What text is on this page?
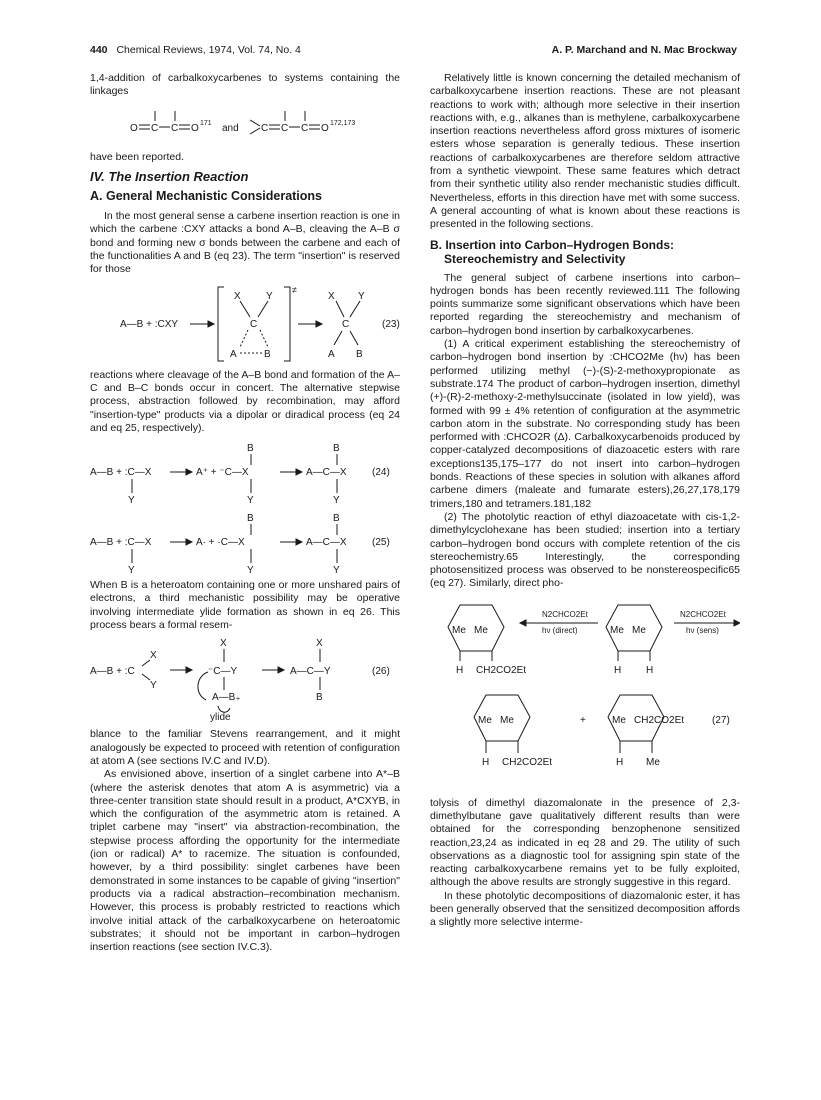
440 Chemical Reviews, 1974, Vol. 74, No. 4	A. P. Marchand and N. Mac Brockway

1,4-addition of carbalkoxycarbenes to systems containing the linkages

O C C O 171 and C C C O 172,173

have been reported.

IV. The Insertion Reaction
A. General Mechanistic Considerations

In the most general sense a carbene insertion reaction is one in which the carbene :CXY attacks a bond A–B, cleaving the A–B σ bond and forming new σ bonds between the carbene and each of the functionalities A and B (eq 23). The term "insertion" is reserved for those

A—B + :CXY
≠
X	Y
C
A	B
X Y
C
A B
(23)

reactions where cleavage of the A–B bond and formation of the A–C and B–C bonds occur in concert. The alternative stepwise process, abstraction followed by recombination, may afford "insertion-type" products via a dipolar or diradical process (eq 24 and eq 25, respectively).

A—B + :C—X
Y
A⁺ + ⁻C—X
B
Y
A—C—X
B
Y
(24)
A—B + :C—X
Y
A· + ·C—X
B
Y
A—C—X
B
Y
(25)

When B is a heteroatom containing one or more unshared pairs of electrons, a third mechanistic possibility may be operative involving intermediate ylide formation as shown in eq 26. This process bears a formal resem-

A—B + :C
X
Y
X
⁻C—Y
A—B₊
ylide
X
A—C—Y
B
(26)

blance to the familiar Stevens rearrangement, and it might analogously be expected to proceed with retention of configuration at atom A (see sections IV.C and IV.D).

As envisioned above, insertion of a singlet carbene into A*–B (where the asterisk denotes that atom A is asymmetric) via a three-center transition state should result in a product, A*CXYB, in which the configuration of the asymmetric atom is retained. A triplet carbene may "insert" via abstraction-recombination, the stepwise process affording the opportunity for the intermediate (ion or radical) A* to racemize. The situation is confounded, however, by a third possibility: singlet carbenes have been demonstrated in some instances to be capable of giving "insertion" products via a radical abstraction–recombination mechanism. However, this process is probably restricted to reactions which involve initial attack of the carbalkoxycarbene on heteroatomic substrates; it should not be important in carbon–hydrogen insertion reactions (see section IV.C.3).

Relatively little is known concerning the detailed mechanism of carbalkoxycarbene insertion reactions. These are not pleasant reactions to work with; although more selective in their insertion reactions with, e.g., alkanes than is methylene, carbalkoxycarbene insertion reactions nevertheless afford gross mixtures of isomeric esters whose separation is generally tedious. These insertion reactions of carbalkoxycarbenes are therefore seldom attractive from a synthetic viewpoint. These same features which detract from their synthetic utility also render mechanistic studies difficult. Nevertheless, efforts in this direction have met with some success. A general accounting of what is known about these reactions is presented in the following sections.

B. Insertion into Carbon–Hydrogen Bonds: Stereochemistry and Selectivity

The general subject of carbene insertions into carbon–hydrogen bonds has been recently reviewed.111 The following points summarize some significant observations which have been reported regarding the stereochemistry and mechanism of carbon–hydrogen bond insertion by carbalkoxycarbenes.

(1) A critical experiment establishing the stereochemistry of carbon–hydrogen bond insertion by :CHCO2Me (hν) has been performed utilizing methyl (−)-(S)-2-methoxypropionate as substrate.174 The product of carbon–hydrogen insertion, dimethyl (+)-(R)-2-methoxy-2-methylsuccinate (isolated in low yield), was formed with 99 ± 4% retention of configuration at the asymmetric carbon atom in the substrate. No corresponding study has been performed with :CHCO2R (Δ). Carbalkoxycarbenoids produced by copper-catalyzed decompositions of diazoacetic esters with rare exceptions135,175–177 do not insert into carbon–hydrogen bonds. Reactions of these species in solution with alkanes afford carbene dimers (maleate and fumarate esters),26,27,178,179 trimers,180 and tetramers.181,182

(2) The photolytic reaction of ethyl diazoacetate with cis-1,2-dimethylcyclohexane has been studied; insertion into a tertiary carbon–hydrogen bond occurs with complete retention of the cis stereochemistry.65 Interestingly, the corresponding photosensitized process was observed to be nonstereospecific65 (eq 27). Similarly, direct pho-

Me Me
H CH2CO2Et
N2CHCO2Et
hν (direct)	Me Me
H H
N2CHCO2Et
hν (sens)
Me Me
H CH2CO2Et
+	Me CH2CO2Et
H Me
(27)

tolysis of dimethyl diazomalonate in the presence of 2,3-dimethylbutane gave qualitatively different results than were obtained for the corresponding benzophenone sensitized reaction,23,24 as indicated in eq 28 and 29. The utility of such observations as a diagnostic tool for assigning spin state of the reacting carbalkoxycarbene remains yet to be fully exploited, although the above results are strongly suggestive in this regard.

In these photolytic decompositions of diazomalonic ester, it has been generally observed that the sensitized decomposition affords a slightly more selective interme-
